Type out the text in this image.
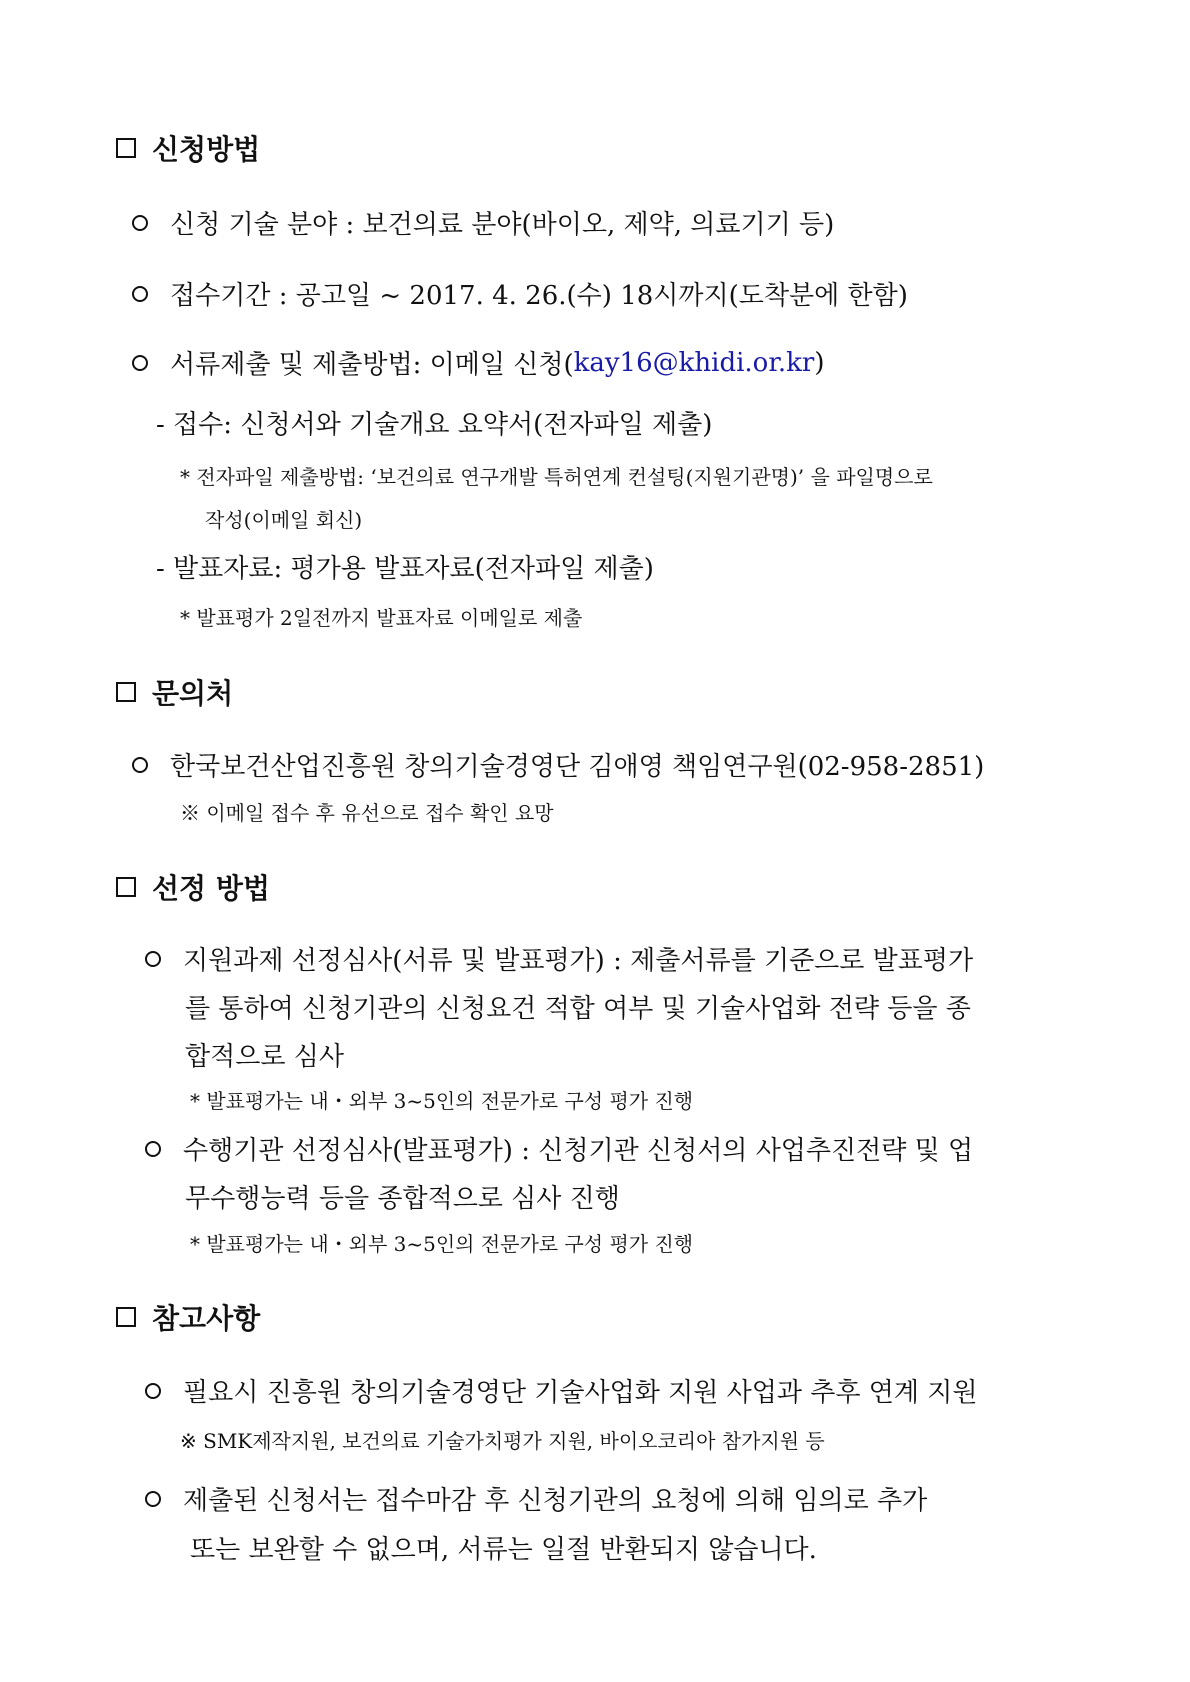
신청방법
신청 기술 분야 : 보건의료 분야(바이오, 제약, 의료기기 등)
접수기간 : 공고일 ~ 2017. 4. 26.(수) 18시까지(도착분에 한함)
서류제출 및 제출방법: 이메일 신청( kay16@khidi.or.kr )
- 접수: 신청서와 기술개요 요약서(전자파일 제출)
* 전자파일 제출방법: ‘보건의료 연구개발 특허연계 컨설팅(지원기관명)’ 을 파일명으로
작성(이메일 회신)
- 발표자료: 평가용 발표자료(전자파일 제출)
* 발표평가 2일전까지 발표자료 이메일로 제출
문의처
한국보건산업진흥원 창의기술경영단 김애영 책임연구원(02-958-2851)
※ 이메일 접수 후 유선으로 접수 확인 요망
선정 방법
지원과제 선정심사(서류 및 발표평가) : 제출서류를 기준으로 발표평가
를 통하여 신청기관의 신청요건 적합 여부 및 기술사업화 전략 등을 종
합적으로 심사
* 발표평가는 내・외부 3~5인의 전문가로 구성 평가 진행
수행기관 선정심사(발표평가) : 신청기관 신청서의 사업추진전략 및 업
무수행능력 등을 종합적으로 심사 진행
* 발표평가는 내・외부 3~5인의 전문가로 구성 평가 진행
참고사항
필요시 진흥원 창의기술경영단 기술사업화 지원 사업과 추후 연계 지원
※ SMK제작지원, 보건의료 기술가치평가 지원, 바이오코리아 참가지원 등
제출된 신청서는 접수마감 후 신청기관의 요청에 의해 임의로 추가
또는 보완할 수 없으며, 서류는 일절 반환되지 않습니다.
